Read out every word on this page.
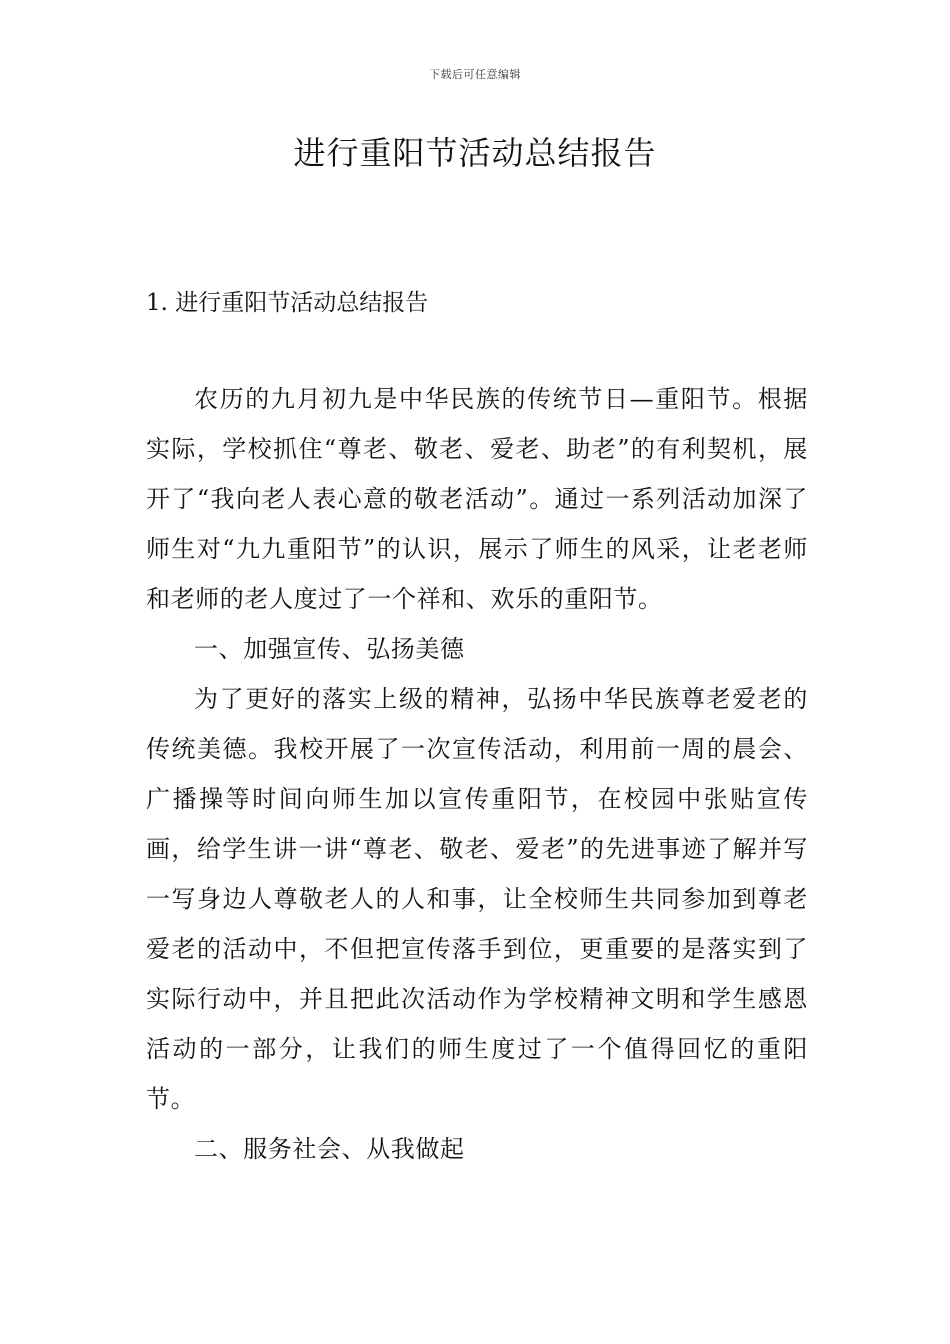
下载后可任意编辑
进行重阳节活动总结报告
1. 进行重阳节活动总结报告

农历的九月初九是中华民族的传统节日—重阳节。根据实际，学校抓住“尊老、敬老、爱老、助老”的有利契机，展开了“我向老人表心意的敬老活动”。通过一系列活动加深了师生对“九九重阳节”的认识，展示了师生的风采，让老老师和老师的老人度过了一个祥和、欢乐的重阳节。

一、加强宣传、弘扬美德

为了更好的落实上级的精神，弘扬中华民族尊老爱老的传统美德。我校开展了一次宣传活动，利用前一周的晨会、广播操等时间向师生加以宣传重阳节，在校园中张贴宣传画，给学生讲一讲“尊老、敬老、爱老”的先进事迹了解并写一写身边人尊敬老人的人和事，让全校师生共同参加到尊老爱老的活动中，不但把宣传落手到位，更重要的是落实到了实际行动中，并且把此次活动作为学校精神文明和学生感恩活动的一部分，让我们的师生度过了一个值得回忆的重阳节。

二、服务社会、从我做起
